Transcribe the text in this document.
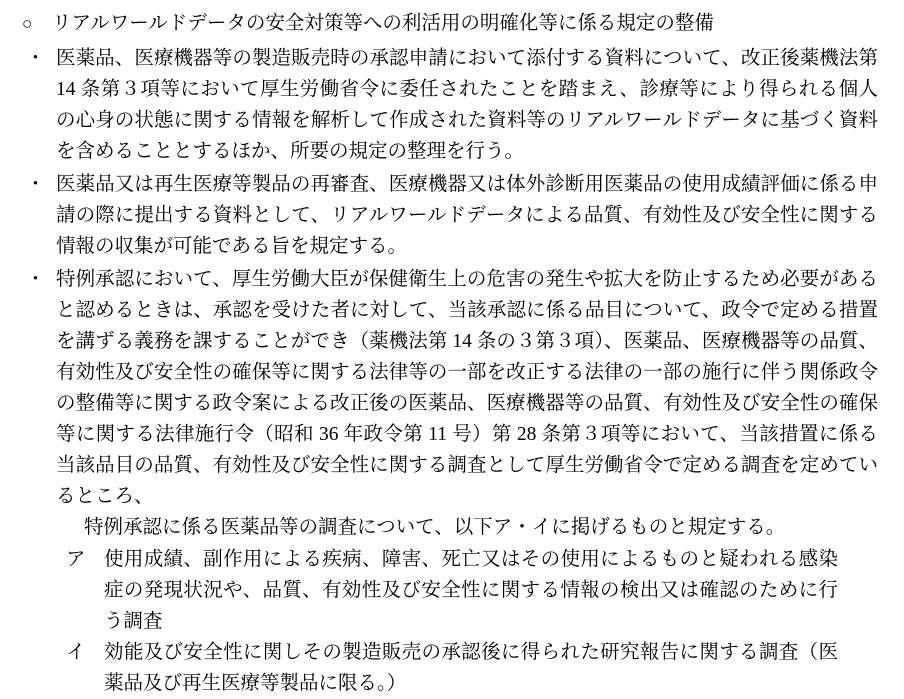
○	リアルワールドデータの安全対策等への利活用の明確化等に係る規定の整備
・ 医薬品、医療機器等の製造販売時の承認申請において添付する資料について、改正後薬機法第 14 条第３項等において厚生労働省令に委任されたことを踏まえ、診療等により得られる個人の心身の状態に関する情報を解析して作成された資料等のリアルワールドデータに基づく資料を含めることとするほか、所要の規定の整理を行う。
・ 医薬品又は再生医療等製品の再審査、医療機器又は体外診断用医薬品の使用成績評価に係る申請の際に提出する資料として、リアルワールドデータによる品質、有効性及び安全性に関する情報の収集が可能である旨を規定する。
・ 特例承認において、厚生労働大臣が保健衛生上の危害の発生や拡大を防止するため必要があると認めるときは、承認を受けた者に対して、当該承認に係る品目について、政令で定める措置を講ずる義務を課することができ（薬機法第 14 条の３第３項）、医薬品、医療機器等の品質、有効性及び安全性の確保等に関する法律等の一部を改正する法律の一部の施行に伴う関係政令の整備等に関する政令案による改正後の医薬品、医療機器等の品質、有効性及び安全性の確保等に関する法律施行令（昭和 36 年政令第 11 号）第 28 条第３項等において、当該措置に係る当該品目の品質、有効性及び安全性に関する調査として厚生労働省令で定める調査を定めているところ、
特例承認に係る医薬品等の調査について、以下ア・イに掲げるものと規定する。
ア 使用成績、副作用による疾病、障害、死亡又はその使用によるものと疑われる感染症の発現状況や、品質、有効性及び安全性に関する情報の検出又は確認のために行う調査
イ 効能及び安全性に関しその製造販売の承認後に得られた研究報告に関する調査（医薬品及び再生医療等製品に限る。）
